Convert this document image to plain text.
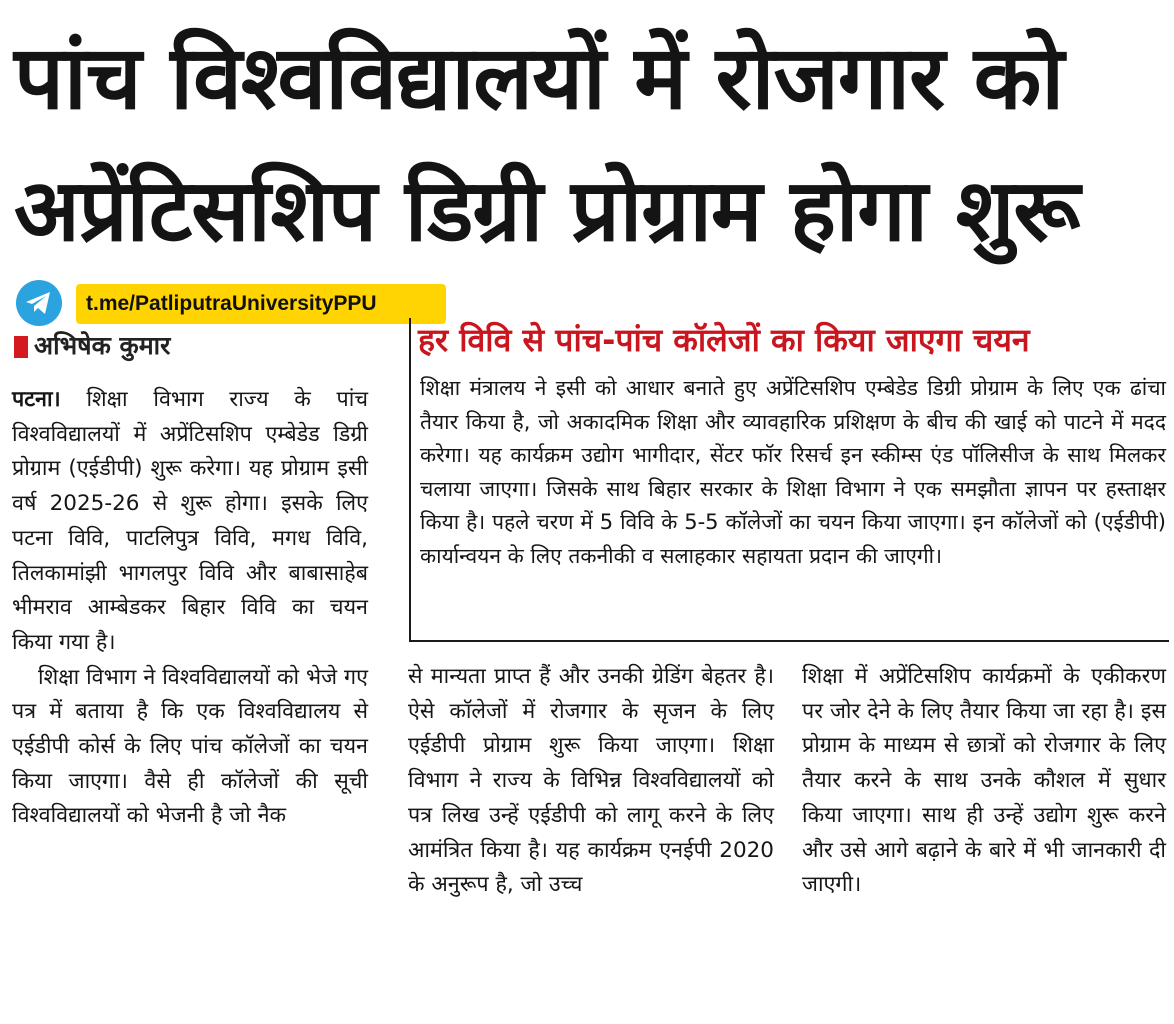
पांच विश्वविद्यालयों में रोजगार को
अप्रेंटिसशिप डिग्री प्रोग्राम होगा शुरू
t.me/PatliputraUniversityPPU
अभिषेक कुमार	हर विवि से पांच-पांच कॉलेजों का किया जाएगा चयन
शिक्षा मंत्रालय ने इसी को आधार बनाते हुए अप्रेंटिसशिप एम्बेडेड डिग्री प्रोग्राम के लिए एक ढांचा तैयार किया है, जो अकादमिक शिक्षा और व्यावहारिक प्रशिक्षण के बीच की खाई को पाटने में मदद करेगा। यह कार्यक्रम उद्योग भागीदार, सेंटर फॉर रिसर्च इन स्कीम्स एंड पॉलिसीज के साथ मिलकर चलाया जाएगा। जिसके साथ बिहार सरकार के शिक्षा विभाग ने एक समझौता ज्ञापन पर हस्ताक्षर किया है। पहले चरण में 5 विवि के 5-5 कॉलेजों का चयन किया जाएगा। इन कॉलेजों को (एईडीपी) कार्यान्वयन के लिए तकनीकी व सलाहकार सहायता प्रदान की जाएगी।

पटना। शिक्षा विभाग राज्य के पांच विश्वविद्यालयों में अप्रेंटिसशिप एम्बेडेड डिग्री प्रोग्राम (एईडीपी) शुरू करेगा। यह प्रोग्राम इसी वर्ष 2025-26 से शुरू होगा। इसके लिए पटना विवि, पाटलिपुत्र विवि, मगध विवि, तिलकामांझी भागलपुर विवि और बाबासाहेब भीमराव आम्बेडकर बिहार विवि का चयन किया गया है।

शिक्षा विभाग ने विश्वविद्यालयों को भेजे गए पत्र में बताया है कि एक विश्वविद्यालय से एईडीपी कोर्स के लिए पांच कॉलेजों का चयन किया जाएगा। वैसे ही कॉलेजों की सूची विश्वविद्यालयों को भेजनी है जो नैक

से मान्यता प्राप्त हैं और उनकी ग्रेडिंग बेहतर है। ऐसे कॉलेजों में रोजगार के सृजन के लिए एईडीपी प्रोग्राम शुरू किया जाएगा। शिक्षा विभाग ने राज्य के विभिन्न विश्वविद्यालयों को पत्र लिख उन्हें एईडीपी को लागू करने के लिए आमंत्रित किया है। यह कार्यक्रम एनईपी 2020 के अनुरूप है, जो उच्च

शिक्षा में अप्रेंटिसशिप कार्यक्रमों के एकीकरण पर जोर देने के लिए तैयार किया जा रहा है। इस प्रोग्राम के माध्यम से छात्रों को रोजगार के लिए तैयार करने के साथ उनके कौशल में सुधार किया जाएगा। साथ ही उन्हें उद्योग शुरू करने और उसे आगे बढ़ाने के बारे में भी जानकारी दी जाएगी।
